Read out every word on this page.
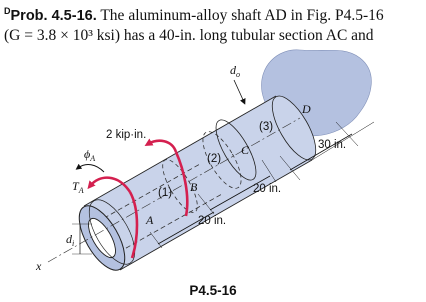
$^D$Prob. 4.5-16. The aluminum-alloy shaft AD in Fig. P4.5-16
(G = 3.8 × 10³ ksi) has a 40-in. long tubular section AC and
$d_o$
D
(3)
(2)
(1)
C
B
A
2 kip·in.
$\phi_A$
$T_A$
$d_i$
x
30 in.
20 in.
20 in.
P4.5-16
